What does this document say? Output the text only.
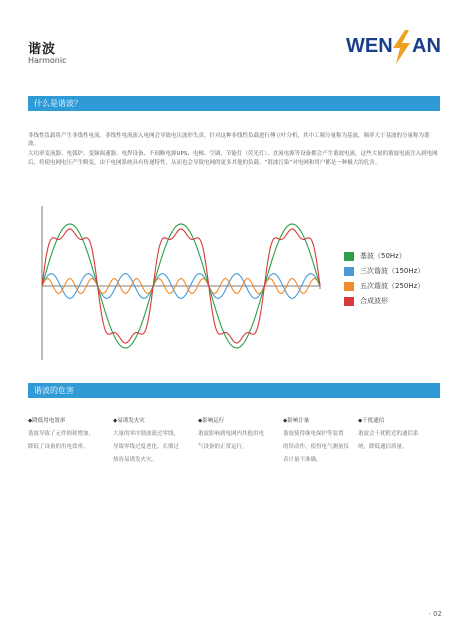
谐波
Harmonic
WEN AN
什么是谐波？

非线性负载将产生非线性电流。非线性电流流入电网会导致电压波形失真。针对这种非线性负载进行傅立叶分析，其中工频分量称为基波，频率大于基波的分量称为谐波。

大功率变流器、电弧炉、变频调速器、电焊设备、不间断电源UPS、电梯、空调、节能灯（荧光灯）、直流电源等设备都会产生谐波电流。这些大量的谐波电流注入到电网后，将使电网电压产生畸变，由于电网系统具有传递特性，从而也会导致电网的更多其他的负载。“谐波污染”对电网和用户都是一种极大的危害。

基波（50Hz）
三次谐波（150Hz）
五次谐波（250Hz）
合成波形
谐波的危害
◆降低用电效率
谐波导致了元件损耗增加，
降低了设备的用电效率。
◆易诱发火灾
大量的零序谐波流过零线，
导致零线过度老化、长期过
热容易诱发火灾。
◆影响运行
谐波影响到电网内其他用电
气设备的正常运行。
◆影响计量
谐波使得继电保护等装置
的误动作，使得电气测量仪
表计量不准确。
◆干扰通信
谐波会干扰附近的通信系
统，降低通信质量。
· 02
